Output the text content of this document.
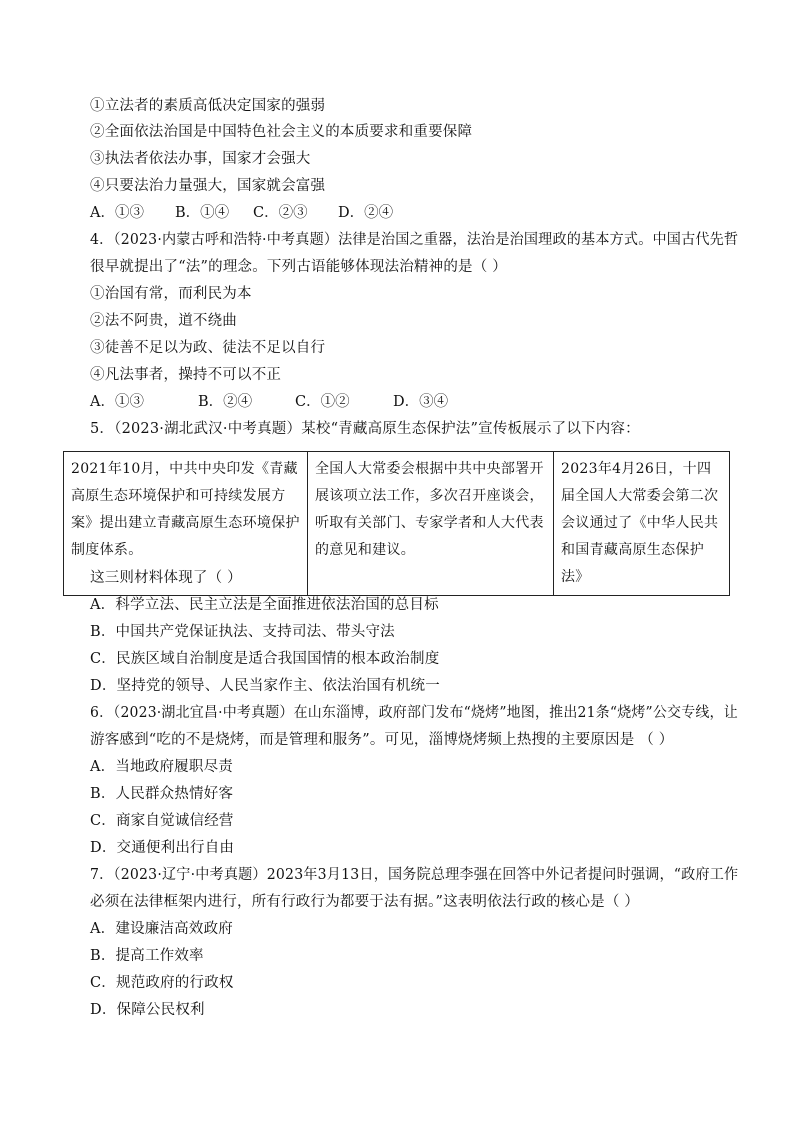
①立法者的素质高低决定国家的强弱
②全面依法治国是中国特色社会主义的本质要求和重要保障
③执法者依法办事，国家才会强大
④只要法治力量强大，国家就会富强
A．①③ B．①④ C．②③ D．②④
4．（2023·内蒙古呼和浩特·中考真题）法律是治国之重器，法治是治国理政的基本方式。中国古代先哲
很早就提出了“法”的理念。下列古语能够体现法治精神的是（ ）
①治国有常，而利民为本
②法不阿贵，道不绕曲
③徒善不足以为政、徒法不足以自行
④凡法事者，操持不可以不正
A．①③	B．②④	C．①②	D．③④
5．（2023·湖北武汉·中考真题）某校“青藏高原生态保护法”宣传板展示了以下内容：
2021年10月，中共中央印发《青藏高原生态环境保护和可持续发展方案》提出建立青藏高原生态环境保护制度体系。	全国人大常委会根据中共中央部署开展该项立法工作，多次召开座谈会，听取有关部门、专家学者和人大代表的意见和建议。	2023年4月26日，十四届全国人大常委会第二次会议通过了《中华人民共和国青藏高原生态保护法》
这三则材料体现了（ ）
A．科学立法、民主立法是全面推进依法治国的总目标
B．中国共产党保证执法、支持司法、带头守法
C．民族区域自治制度是适合我国国情的根本政治制度
D．坚持党的领导、人民当家作主、依法治国有机统一
6．（2023·湖北宜昌·中考真题）在山东淄博，政府部门发布“烧烤”地图，推出21条“烧烤”公交专线，让
游客感到“吃的不是烧烤，而是管理和服务”。可见，淄博烧烤频上热搜的主要原因是 （ ）
A．当地政府履职尽责
B．人民群众热情好客
C．商家自觉诚信经营
D．交通便利出行自由
7．（2023·辽宁·中考真题）2023年3月13日，国务院总理李强在回答中外记者提问时强调，“政府工作
必须在法律框架内进行，所有行政行为都要于法有据。”这表明依法行政的核心是（ ）
A．建设廉洁高效政府
B．提高工作效率
C．规范政府的行政权
D．保障公民权利
